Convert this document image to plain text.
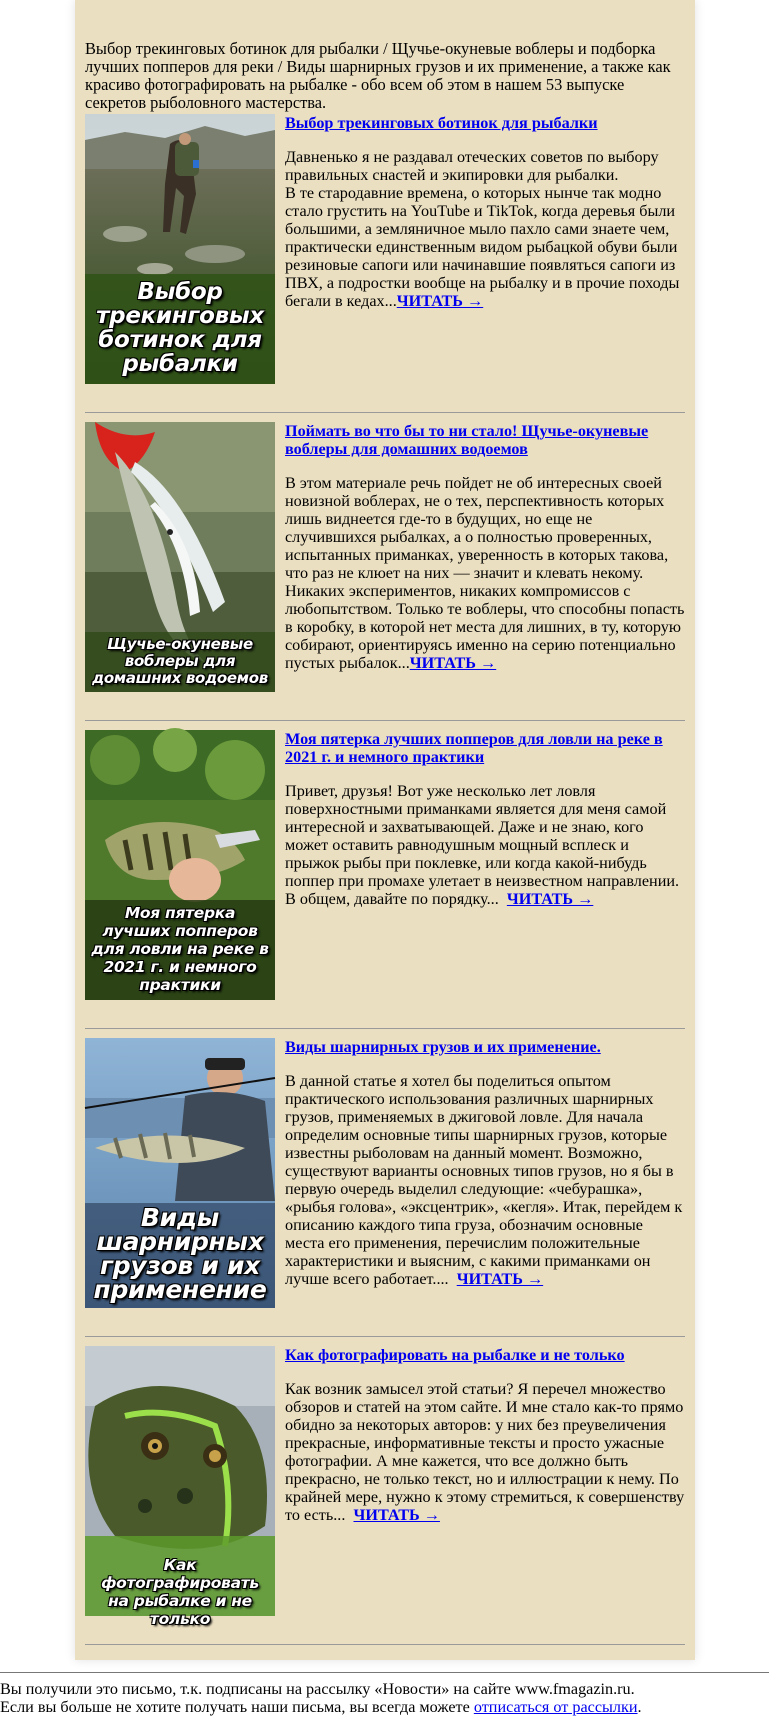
Выбор трекинговых ботинок для рыбалки / Щучье-окуневые воблеры и подборка лучших попперов для реки / Виды шарнирных грузов и их применение, а также как красиво фотографировать на рыбалке - обо всем об этом в нашем 53 выпуске секретов рыболовного мастерства.

Выбор трекинговых ботинок для рыбалки
Выбор трекинговых ботинок для рыбалки

Давненько я не раздавал отеческих советов по выбору правильных снастей и экипировки для рыбалки.
В те стародавние времена, о которых нынче так модно стало грустить на YouTube и TikTok, когда деревья были большими, а земляничное мыло пахло сами знаете чем, практически единственным видом рыбацкой обуви были резиновые сапоги или начинавшие появляться сапоги из ПВХ, а подростки вообще на рыбалку и в прочие походы бегали в кедах...ЧИТАТЬ →

Щучье-окуневые воблеры для домашних водоемов
Поймать во что бы то ни стало! Щучье-окуневые воблеры для домашних водоемов

В этом материале речь пойдет не об интересных своей новизной воблерах, не о тех, перспективность которых лишь виднеется где-то в будущих, но еще не случившихся рыбалках, а о полностью проверенных, испытанных приманках, уверенность в которых такова, что раз не клюет на них — значит и клевать некому. Никаких экспериментов, никаких компромиссов с любопытством. Только те воблеры, что способны попасть в коробку, в которой нет места для лишних, в ту, которую собирают, ориентируясь именно на серию потенциально пустых рыбалок...ЧИТАТЬ →

Моя пятерка лучших попперов для ловли на реке в 2021 г. и немного практики
Моя пятерка лучших попперов для ловли на реке в 2021 г. и немного практики

Привет, друзья! Вот уже несколько лет ловля поверхностными приманками является для меня самой интересной и захватывающей. Даже и не знаю, кого может оставить равнодушным мощный всплеск и прыжок рыбы при поклевке, или когда какой-нибудь поппер при промахе улетает в неизвестном направлении. В общем, давайте по порядку...  ЧИТАТЬ →

Виды шарнирных грузов и их применение
Виды шарнирных грузов и их применение.

В данной статье я хотел бы поделиться опытом практического использования различных шарнирных грузов, применяемых в джиговой ловле. Для начала определим основные типы шарнирных грузов, которые известны рыболовам на данный момент. Возможно, существуют варианты основных типов грузов, но я бы в первую очередь выделил следующие: «чебурашка», «рыбья голова», «эксцентрик», «кегля». Итак, перейдем к описанию каждого типа груза, обозначим основные места его применения, перечислим положительные характеристики и выясним, с какими приманками он лучше всего работает....  ЧИТАТЬ →

Как фотографировать на рыбалке и не только
Как фотографировать на рыбалке и не только

Как возник замысел этой статьи? Я перечел множество обзоров и статей на этом сайте. И мне стало как-то прямо обидно за некоторых авторов: у них без преувеличения прекрасные, информативные тексты и просто ужасные фотографии. А мне кажется, что все должно быть прекрасно, не только текст, но и иллюстрации к нему. По крайней мере, нужно к этому стремиться, к совершенству то есть...  ЧИТАТЬ →

Вы получили это письмо, т.к. подписаны на рассылку «Новости» на сайте www.fmagazin.ru.
Если вы больше не хотите получать наши письма, вы всегда можете отписаться от рассылки.
